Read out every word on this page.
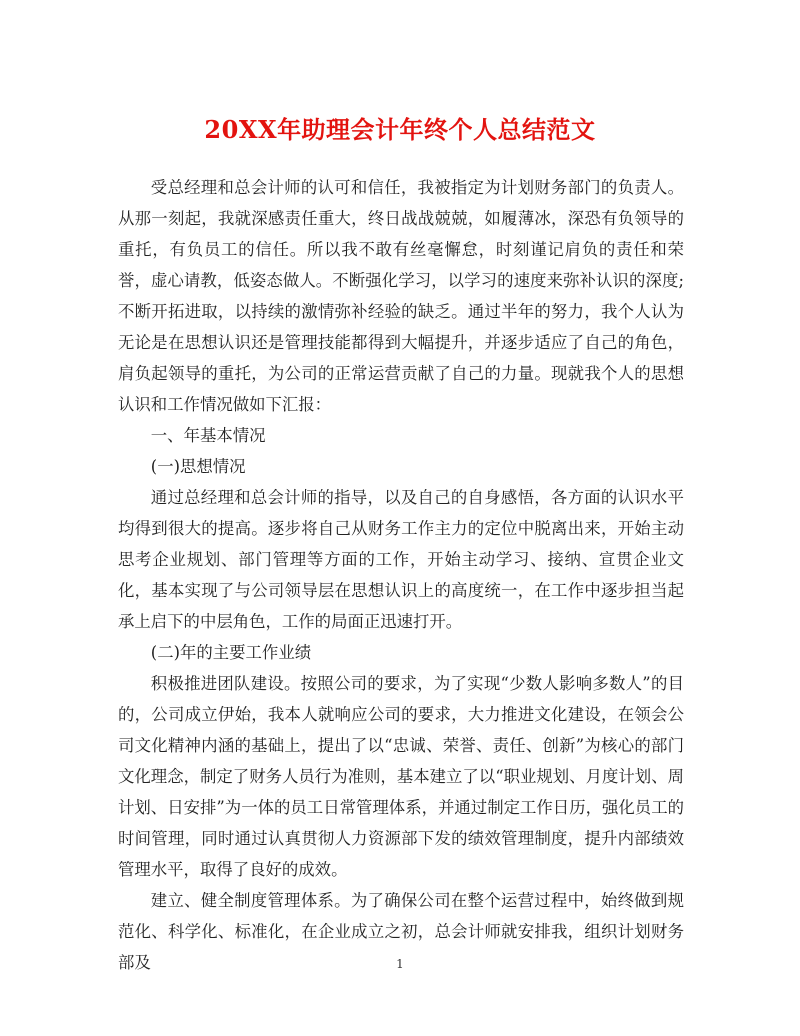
20XX年助理会计年终个人总结范文

受总经理和总会计师的认可和信任，我被指定为计划财务部门的负责人。从那一刻起，我就深感责任重大，终日战战兢兢，如履薄冰，深恐有负领导的重托，有负员工的信任。所以我不敢有丝毫懈怠，时刻谨记肩负的责任和荣誉，虚心请教，低姿态做人。不断强化学习，以学习的速度来弥补认识的深度;不断开拓进取，以持续的激情弥补经验的缺乏。通过半年的努力，我个人认为无论是在思想认识还是管理技能都得到大幅提升，并逐步适应了自己的角色，肩负起领导的重托，为公司的正常运营贡献了自己的力量。现就我个人的思想认识和工作情况做如下汇报：

一、年基本情况

(一)思想情况

通过总经理和总会计师的指导，以及自己的自身感悟，各方面的认识水平均得到很大的提高。逐步将自己从财务工作主力的定位中脱离出来，开始主动思考企业规划、部门管理等方面的工作，开始主动学习、接纳、宣贯企业文化，基本实现了与公司领导层在思想认识上的高度统一，在工作中逐步担当起承上启下的中层角色，工作的局面正迅速打开。

(二)年的主要工作业绩

积极推进团队建设。按照公司的要求，为了实现“少数人影响多数人”的目的，公司成立伊始，我本人就响应公司的要求，大力推进文化建设，在领会公司文化精神内涵的基础上，提出了以“忠诚、荣誉、责任、创新”为核心的部门文化理念，制定了财务人员行为准则，基本建立了以“职业规划、月度计划、周计划、日安排”为一体的员工日常管理体系，并通过制定工作日历，强化员工的时间管理，同时通过认真贯彻人力资源部下发的绩效管理制度，提升内部绩效管理水平，取得了良好的成效。

建立、健全制度管理体系。为了确保公司在整个运营过程中，始终做到规范化、科学化、标准化，在企业成立之初，总会计师就安排我，组织计划财务部及	1
